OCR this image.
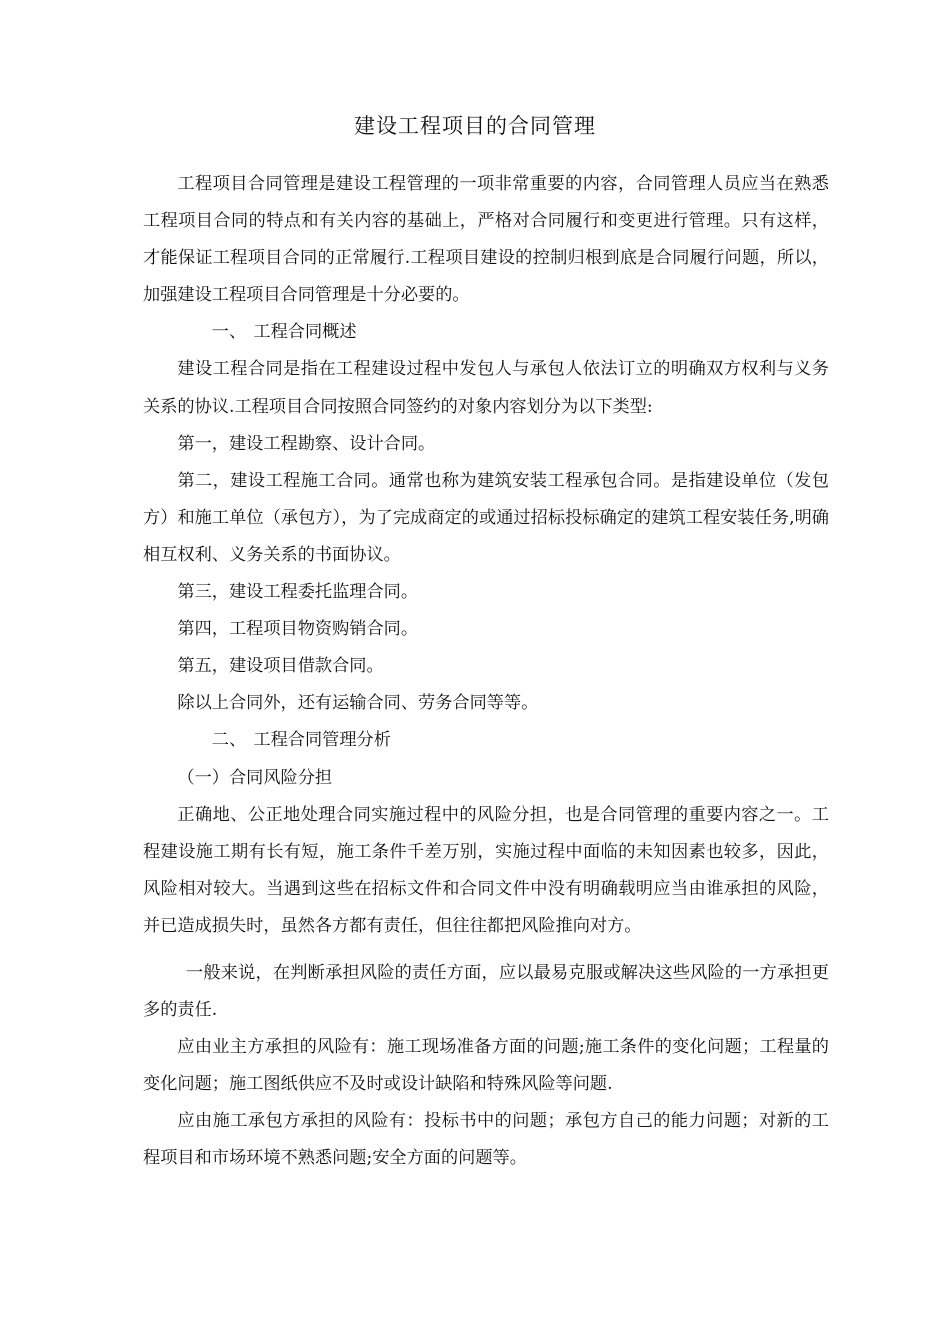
建设工程项目的合同管理

工程项目合同管理是建设工程管理的一项非常重要的内容，合同管理人员应当在熟悉工程项目合同的特点和有关内容的基础上，严格对合同履行和变更进行管理。只有这样，才能保证工程项目合同的正常履行.工程项目建设的控制归根到底是合同履行问题，所以，加强建设工程项目合同管理是十分必要的。

一、 工程合同概述

建设工程合同是指在工程建设过程中发包人与承包人依法订立的明确双方权利与义务关系的协议.工程项目合同按照合同签约的对象内容划分为以下类型:

第一，建设工程勘察、设计合同。

第二，建设工程施工合同。通常也称为建筑安装工程承包合同。是指建设单位（发包方）和施工单位（承包方），为了完成商定的或通过招标投标确定的建筑工程安装任务,明确相互权利、义务关系的书面协议。

第三，建设工程委托监理合同。

第四，工程项目物资购销合同。

第五，建设项目借款合同。

除以上合同外，还有运输合同、劳务合同等等。

二、 工程合同管理分析

（一）合同风险分担

正确地、公正地处理合同实施过程中的风险分担，也是合同管理的重要内容之一。工程建设施工期有长有短，施工条件千差万别，实施过程中面临的未知因素也较多，因此，风险相对较大。当遇到这些在招标文件和合同文件中没有明确载明应当由谁承担的风险，并已造成损失时，虽然各方都有责任，但往往都把风险推向对方。

一般来说，在判断承担风险的责任方面，应以最易克服或解决这些风险的一方承担更多的责任.

应由业主方承担的风险有：施工现场准备方面的问题;施工条件的变化问题；工程量的变化问题；施工图纸供应不及时或设计缺陷和特殊风险等问题.

应由施工承包方承担的风险有：投标书中的问题；承包方自己的能力问题；对新的工程项目和市场环境不熟悉问题;安全方面的问题等。
